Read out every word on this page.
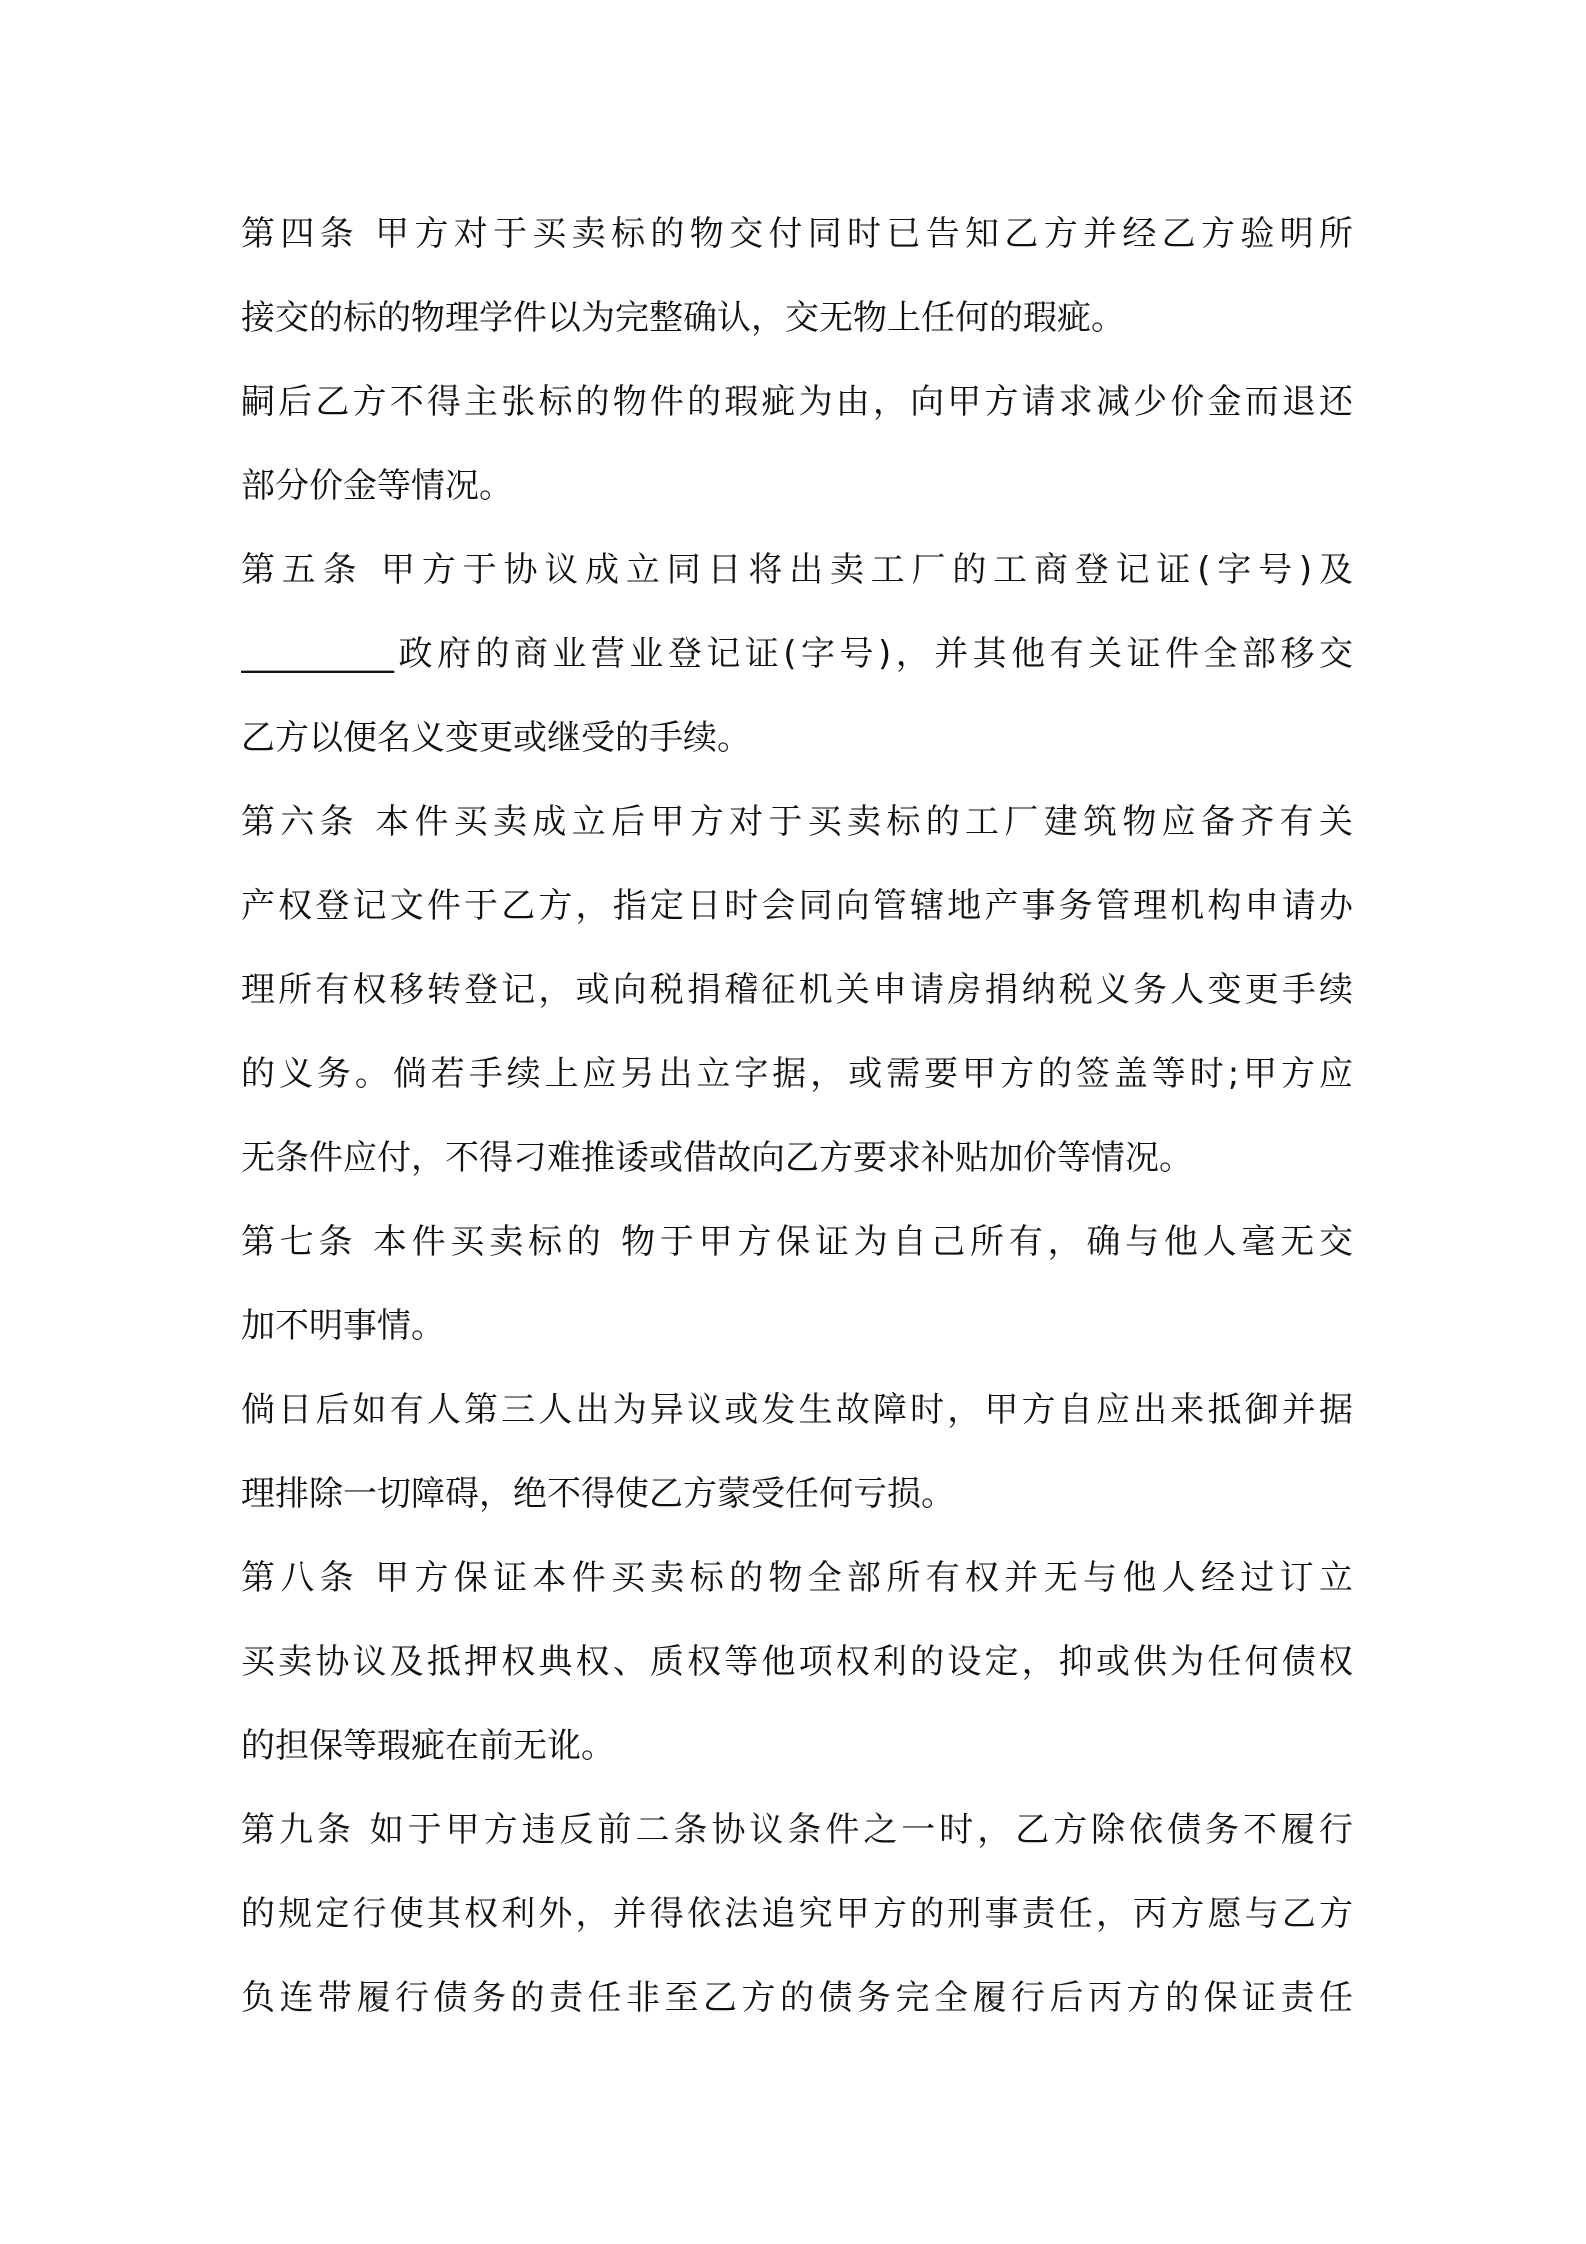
第四条 甲方对于买卖标的物交付同时已告知乙方并经乙方验明所
接交的标的物理学件以为完整确认，交无物上任何的瑕疵。
嗣后乙方不得主张标的物件的瑕疵为由，向甲方请求减少价金而退还
部分价金等情况。
第五条 甲方于协议成立同日将出卖工厂的工商登记证(字号)及
_________政府的商业营业登记证(字号)，并其他有关证件全部移交
乙方以便名义变更或继受的手续。
第六条 本件买卖成立后甲方对于买卖标的工厂建筑物应备齐有关
产权登记文件于乙方，指定日时会同向管辖地产事务管理机构申请办
理所有权移转登记，或向税捐稽征机关申请房捐纳税义务人变更手续
的义务。倘若手续上应另出立字据，或需要甲方的签盖等时;甲方应
无条件应付，不得刁难推诿或借故向乙方要求补贴加价等情况。
第七条 本件买卖标的 物于甲方保证为自己所有，确与他人毫无交
加不明事情。
倘日后如有人第三人出为异议或发生故障时，甲方自应出来抵御并据
理排除一切障碍，绝不得使乙方蒙受任何亏损。
第八条 甲方保证本件买卖标的物全部所有权并无与他人经过订立
买卖协议及抵押权典权、质权等他项权利的设定，抑或供为任何债权
的担保等瑕疵在前无讹。
第九条 如于甲方违反前二条协议条件之一时，乙方除依债务不履行
的规定行使其权利外，并得依法追究甲方的刑事责任，丙方愿与乙方
负连带履行债务的责任非至乙方的债务完全履行后丙方的保证责任
